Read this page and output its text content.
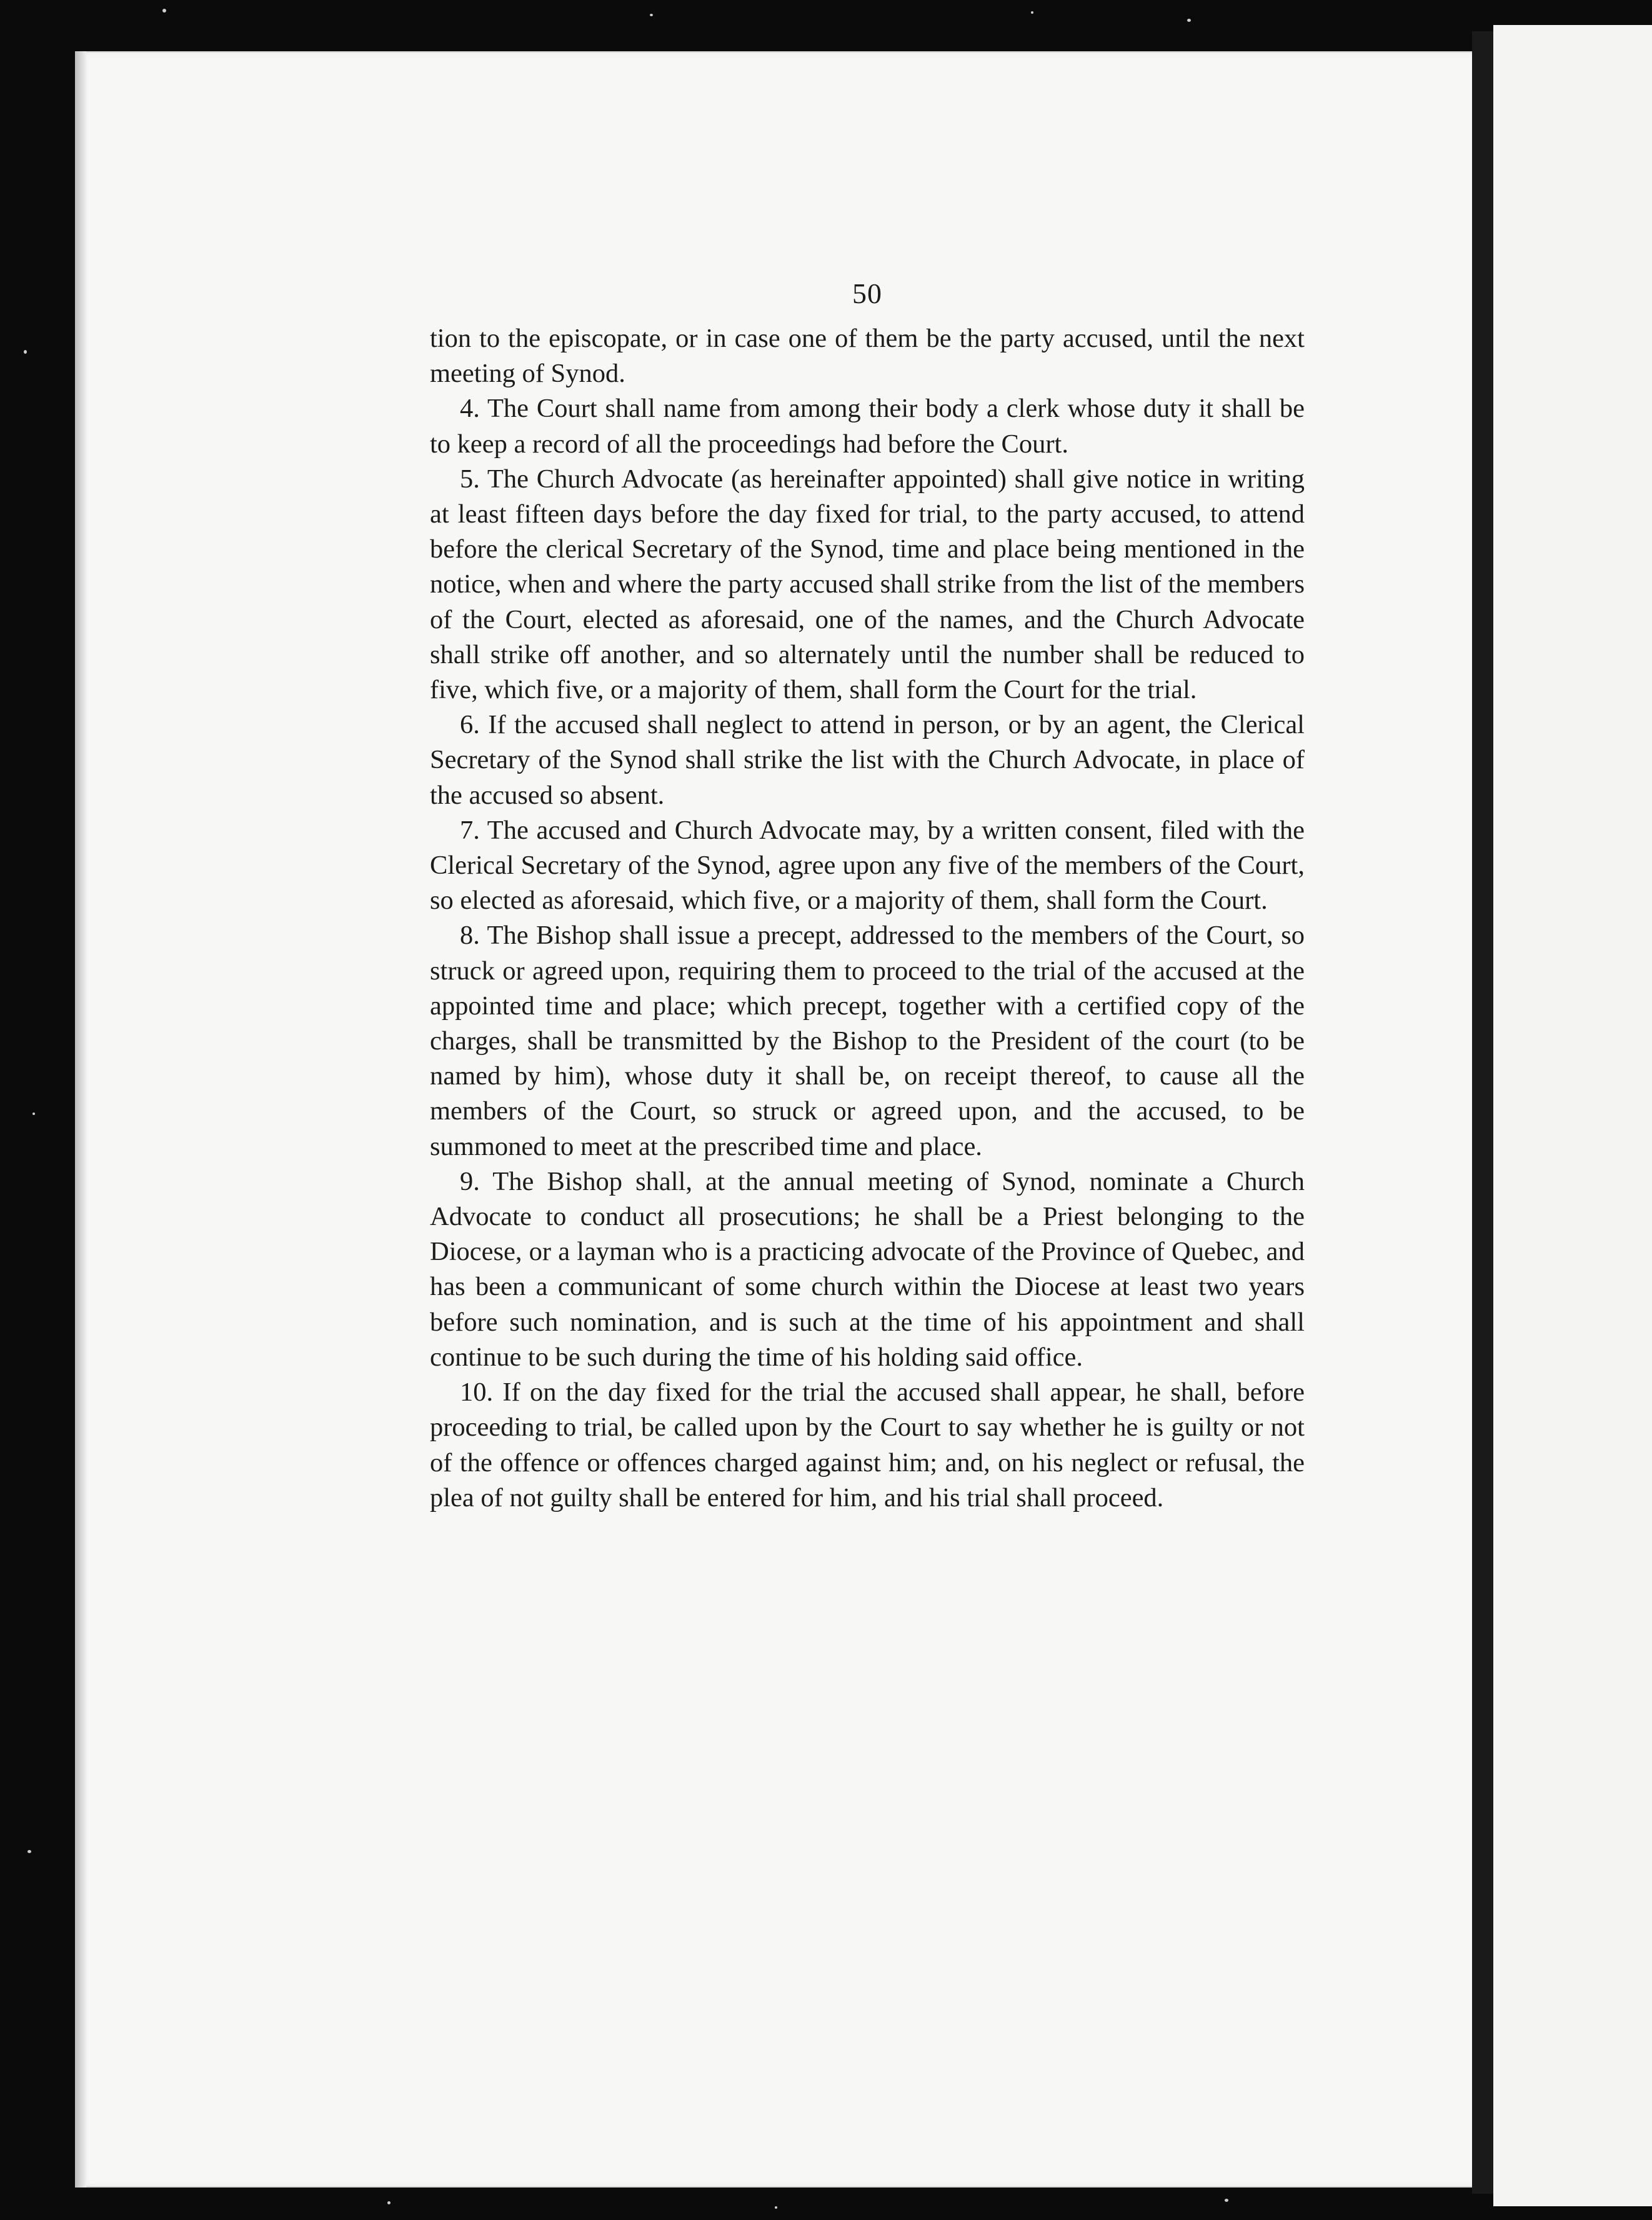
50

tion to the episcopate, or in case one of them be the party accused, until the next meeting of Synod.

4. The Court shall name from among their body a clerk whose duty it shall be to keep a record of all the proceedings had before the Court.

5. The Church Advocate (as hereinafter appointed) shall give notice in writing at least fifteen days before the day fixed for trial, to the party accused, to attend before the clerical Secretary of the Synod, time and place being mentioned in the notice, when and where the party accused shall strike from the list of the members of the Court, elected as aforesaid, one of the names, and the Church Advocate shall strike off another, and so alternately until the number shall be reduced to five, which five, or a majority of them, shall form the Court for the trial.

6. If the accused shall neglect to attend in person, or by an agent, the Clerical Secretary of the Synod shall strike the list with the Church Advocate, in place of the accused so absent.

7. The accused and Church Advocate may, by a written consent, filed with the Clerical Secretary of the Synod, agree upon any five of the members of the Court, so elected as aforesaid, which five, or a majority of them, shall form the Court.

8. The Bishop shall issue a precept, addressed to the members of the Court, so struck or agreed upon, requiring them to proceed to the trial of the accused at the appointed time and place; which precept, together with a certified copy of the charges, shall be transmitted by the Bishop to the President of the court (to be named by him), whose duty it shall be, on receipt thereof, to cause all the members of the Court, so struck or agreed upon, and the accused, to be summoned to meet at the prescribed time and place.

9. The Bishop shall, at the annual meeting of Synod, nominate a Church Advocate to conduct all prosecutions; he shall be a Priest belonging to the Diocese, or a layman who is a practicing advocate of the Province of Quebec, and has been a communicant of some church within the Diocese at least two years before such nomination, and is such at the time of his appointment and shall continue to be such during the time of his holding said office.

10. If on the day fixed for the trial the accused shall appear, he shall, before proceeding to trial, be called upon by the Court to say whether he is guilty or not of the offence or offences charged against him; and, on his neglect or refusal, the plea of not guilty shall be entered for him, and his trial shall proceed.
